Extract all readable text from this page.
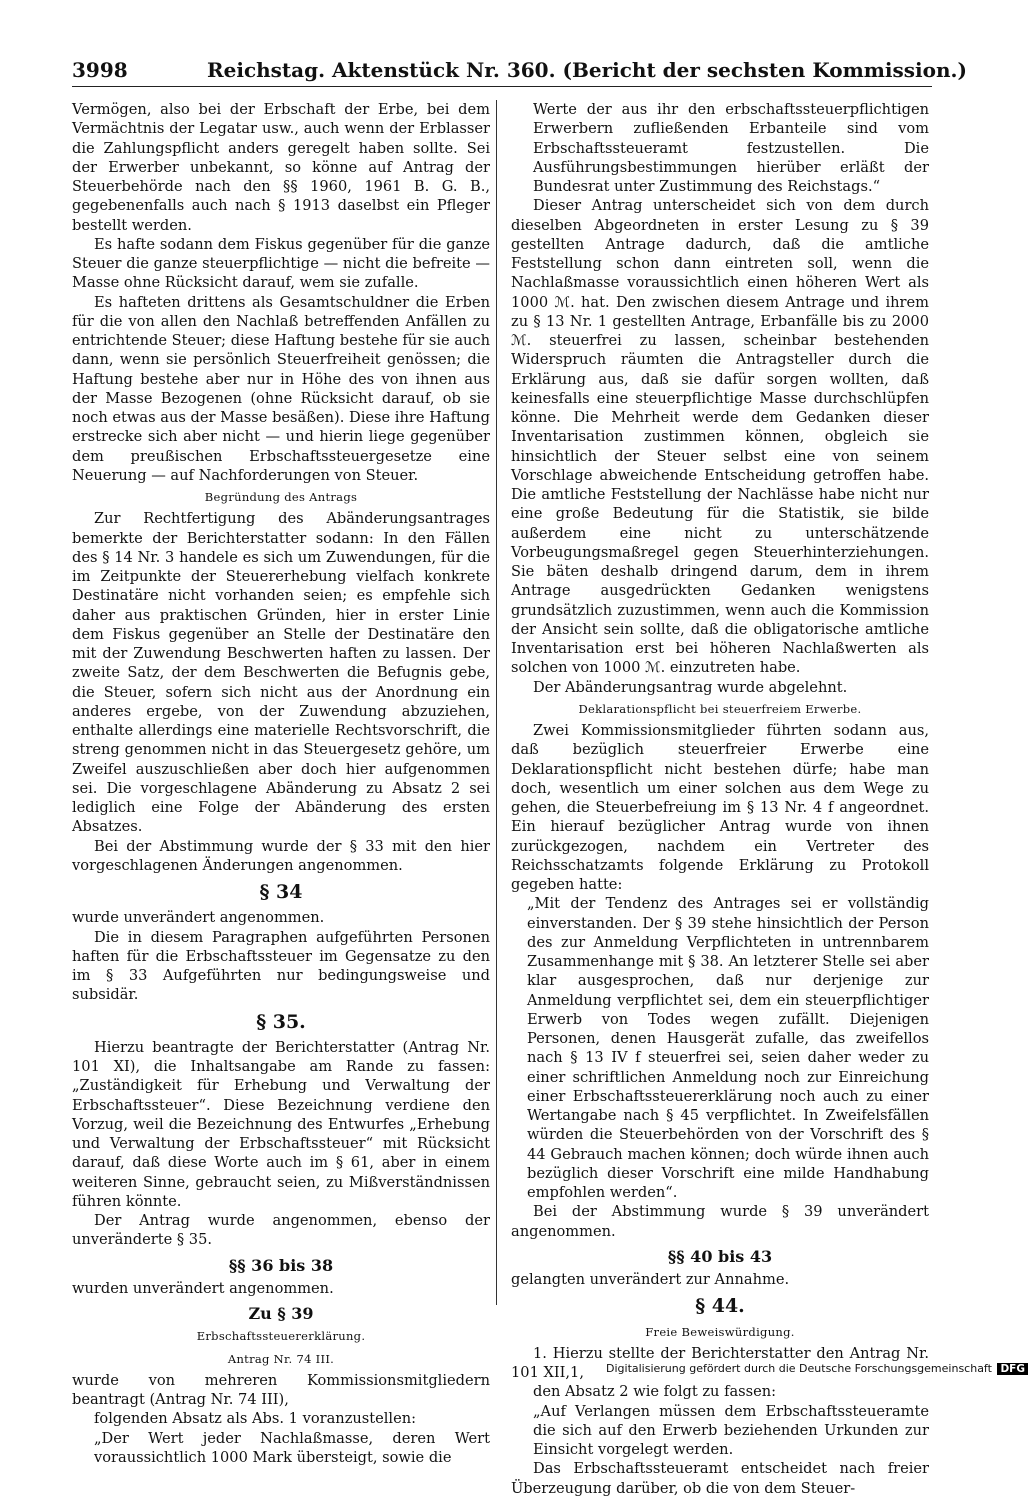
3998	Reichstag. Aktenstück Nr. 360. (Bericht der sechsten Kommission.)

Vermögen, also bei der Erbschaft der Erbe, bei dem Vermächtnis der Legatar usw., auch wenn der Erblasser die Zahlungspflicht anders geregelt haben sollte. Sei der Erwerber unbekannt, so könne auf Antrag der Steuerbehörde nach den §§ 1960, 1961 B. G. B., gegebenenfalls auch nach § 1913 daselbst ein Pfleger bestellt werden.

Es hafte sodann dem Fiskus gegenüber für die ganze Steuer die ganze steuerpflichtige — nicht die befreite — Masse ohne Rücksicht darauf, wem sie zufalle.

Es hafteten drittens als Gesamtschuldner die Erben für die von allen den Nachlaß betreffenden Anfällen zu entrichtende Steuer; diese Haftung bestehe für sie auch dann, wenn sie persönlich Steuerfreiheit genössen; die Haftung bestehe aber nur in Höhe des von ihnen aus der Masse Bezogenen (ohne Rücksicht darauf, ob sie noch etwas aus der Masse besäßen). Diese ihre Haftung erstrecke sich aber nicht — und hierin liege gegenüber dem preußischen Erbschaftssteuergesetze eine Neuerung — auf Nachforderungen von Steuer.

Begründung des Antrags

Zur Rechtfertigung des Abänderungsantrages bemerkte der Berichterstatter sodann: In den Fällen des § 14 Nr. 3 handele es sich um Zuwendungen, für die im Zeitpunkte der Steuererhebung vielfach konkrete Destinatäre nicht vorhanden seien; es empfehle sich daher aus praktischen Gründen, hier in erster Linie dem Fiskus gegenüber an Stelle der Destinatäre den mit der Zuwendung Beschwerten haften zu lassen. Der zweite Satz, der dem Beschwerten die Befugnis gebe, die Steuer, sofern sich nicht aus der Anordnung ein anderes ergebe, von der Zuwendung abzuziehen, enthalte allerdings eine materielle Rechtsvorschrift, die streng genommen nicht in das Steuergesetz gehöre, um Zweifel auszuschließen aber doch hier aufgenommen sei. Die vorgeschlagene Abänderung zu Absatz 2 sei lediglich eine Folge der Abänderung des ersten Absatzes.

Bei der Abstimmung wurde der § 33 mit den hier vorgeschlagenen Änderungen angenommen.

§ 34

wurde unverändert angenommen.

Die in diesem Paragraphen aufgeführten Personen haften für die Erbschaftssteuer im Gegensatze zu den im § 33 Aufgeführten nur bedingungsweise und subsidär.

§ 35.

Hierzu beantragte der Berichterstatter (Antrag Nr. 101 XI), die Inhaltsangabe am Rande zu fassen: „Zuständigkeit für Erhebung und Verwaltung der Erbschaftssteuer“. Diese Bezeichnung verdiene den Vorzug, weil die Bezeichnung des Entwurfes „Erhebung und Verwaltung der Erbschaftssteuer“ mit Rücksicht darauf, daß diese Worte auch im § 61, aber in einem weiteren Sinne, gebraucht seien, zu Mißverständnissen führen könnte.

Der Antrag wurde angenommen, ebenso der unveränderte § 35.

§§ 36 bis 38

wurden unverändert angenommen.

Zu § 39
Erbschaftssteuererklärung.
Antrag Nr. 74 III.

wurde von mehreren Kommissionsmitgliedern beantragt (Antrag Nr. 74 III),

folgenden Absatz als Abs. 1 voranzustellen:

„Der Wert jeder Nachlaßmasse, deren Wert voraussichtlich 1000 Mark übersteigt, sowie die

Werte der aus ihr den erbschaftssteuerpflichtigen Erwerbern zufließenden Erbanteile sind vom Erbschaftssteueramt festzustellen. Die Ausführungsbestimmungen hierüber erläßt der Bundesrat unter Zustimmung des Reichstags.“

Dieser Antrag unterscheidet sich von dem durch dieselben Abgeordneten in erster Lesung zu § 39 gestellten Antrage dadurch, daß die amtliche Feststellung schon dann eintreten soll, wenn die Nachlaßmasse voraussichtlich einen höheren Wert als 1000 ℳ. hat. Den zwischen diesem Antrage und ihrem zu § 13 Nr. 1 gestellten Antrage, Erbanfälle bis zu 2000 ℳ. steuerfrei zu lassen, scheinbar bestehenden Widerspruch räumten die Antragsteller durch die Erklärung aus, daß sie dafür sorgen wollten, daß keinesfalls eine steuerpflichtige Masse durchschlüpfen könne. Die Mehrheit werde dem Gedanken dieser Inventarisation zustimmen können, obgleich sie hinsichtlich der Steuer selbst eine von seinem Vorschlage abweichende Entscheidung getroffen habe. Die amtliche Feststellung der Nachlässe habe nicht nur eine große Bedeutung für die Statistik, sie bilde außerdem eine nicht zu unterschätzende Vorbeugungsmaßregel gegen Steuerhinterziehungen. Sie bäten deshalb dringend darum, dem in ihrem Antrage ausgedrückten Gedanken wenigstens grundsätzlich zuzustimmen, wenn auch die Kommission der Ansicht sein sollte, daß die obligatorische amtliche Inventarisation erst bei höheren Nachlaßwerten als solchen von 1000 ℳ. einzutreten habe.

Der Abänderungsantrag wurde abgelehnt.

Deklarationspflicht bei steuerfreiem Erwerbe.

Zwei Kommissionsmitglieder führten sodann aus, daß bezüglich steuerfreier Erwerbe eine Deklarationspflicht nicht bestehen dürfe; habe man doch, wesentlich um einer solchen aus dem Wege zu gehen, die Steuerbefreiung im § 13 Nr. 4 f angeordnet. Ein hierauf bezüglicher Antrag wurde von ihnen zurückgezogen, nachdem ein Vertreter des Reichsschatzamts folgende Erklärung zu Protokoll gegeben hatte:

„Mit der Tendenz des Antrages sei er vollständig einverstanden. Der § 39 stehe hinsichtlich der Person des zur Anmeldung Verpflichteten in untrennbarem Zusammenhange mit § 38. An letzterer Stelle sei aber klar ausgesprochen, daß nur derjenige zur Anmeldung verpflichtet sei, dem ein steuerpflichtiger Erwerb von Todes wegen zufällt. Diejenigen Personen, denen Hausgerät zufalle, das zweifellos nach § 13 IV f steuerfrei sei, seien daher weder zu einer schriftlichen Anmeldung noch zur Einreichung einer Erbschaftssteuererklärung noch auch zu einer Wertangabe nach § 45 verpflichtet. In Zweifelsfällen würden die Steuerbehörden von der Vorschrift des § 44 Gebrauch machen können; doch würde ihnen auch bezüglich dieser Vorschrift eine milde Handhabung empfohlen werden“.

Bei der Abstimmung wurde § 39 unverändert angenommen.

§§ 40 bis 43

gelangten unverändert zur Annahme.

§ 44.
Freie Beweiswürdigung.

1. Hierzu stellte der Berichterstatter den Antrag Nr. 101 XII,1,

den Absatz 2 wie folgt zu fassen:

„Auf Verlangen müssen dem Erbschaftssteueramte die sich auf den Erwerb beziehenden Urkunden zur Einsicht vorgelegt werden.

Das Erbschaftssteueramt entscheidet nach freier Überzeugung darüber, ob die von dem Steuer-

Digitalisierung gefördert durch die Deutsche Forschungsgemeinschaft DFG
